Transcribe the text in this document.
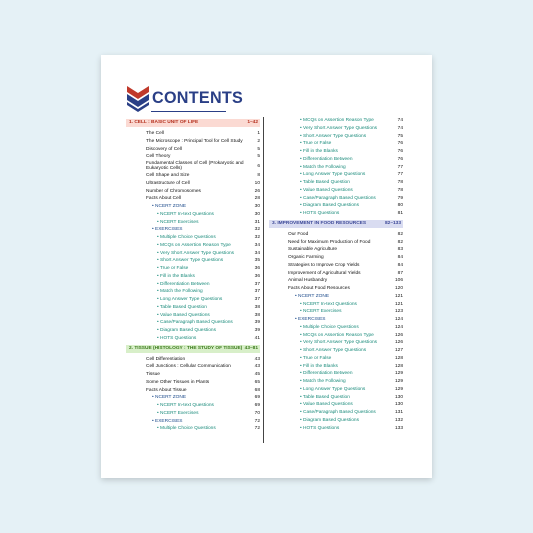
CONTENTS
1. CELL : BASIC UNIT OF LIFE	1–42
The Cell	1
The Microscope : Principal Tool for Cell Study	2
Discovery of Cell	5
Cell Theory	5
Fundamental Classes of Cell (Prokaryotic and Eukaryotic Cells)	6
Cell Shape and Size	8
Ultrastructure of Cell	10
Number of Chromosomes	26
Facts About Cell	28
• NCERT ZONE	30
• NCERT In-text Questions	30
• NCERT Exercises	31
• EXERCISES	32
• Multiple Choice Questions	32
• MCQs on Assertion Reason Type	34
• Very Short Answer Type Questions	34
• Short Answer Type Questions	35
• True or False	36
• Fill in the Blanks	36
• Differentiation Between	37
• Match the Following	37
• Long Answer Type Questions	37
• Table Based Question	38
• Value Based Questions	38
• Case/Paragraph Based Questions	39
• Diagram Based Questions	39
• HOTS Questions	41
2. TISSUE (HISTOLOGY : THE STUDY OF TISSUE) 43–81
Cell Differentiation	43
Cell Junctions : Cellular Communication	43
Tissue	45
Some Other Tissues in Plants	65
Facts About Tissue	68
• NCERT ZONE	69
• NCERT In-text Questions	69
• NCERT Exercises	70
• EXERCISES	72
• Multiple Choice Questions	72
• MCQs on Assertion Reason Type	74
• Very Short Answer Type Questions	74
• Short Answer Type Questions	75
• True or False	76
• Fill in the Blanks	76
• Differentiation Between	76
• Match the Following	77
• Long Answer Type Questions	77
• Table Based Question	78
• Value Based Questions	78
• Case/Paragraph Based Questions	79
• Diagram Based Questions	80
• HOTS Questions	81
3. IMPROVEMENT IN FOOD RESOURCES	82–133
Our Food	82
Need for Maximum Production of Food	82
Sustainable Agriculture	83
Organic Farming	84
Strategies to Improve Crop Yields	84
Improvement of Agricultural Yields	87
Animal Husbandry	106
Facts About Food Resources	120
• NCERT ZONE	121
• NCERT In-text Questions	121
• NCERT Exercises	123
• EXERCISES	124
• Multiple Choice Questions	124
• MCQs on Assertion Reason Type	126
• Very Short Answer Type Questions	126
• Short Answer Type Questions	127
• True or False	128
• Fill in the Blanks	128
• Differentiation Between	129
• Match the Following	129
• Long Answer Type Questions	129
• Table Based Question	130
• Value Based Questions	130
• Case/Paragraph Based Questions	131
• Diagram Based Questions	132
• HOTS Questions	133
